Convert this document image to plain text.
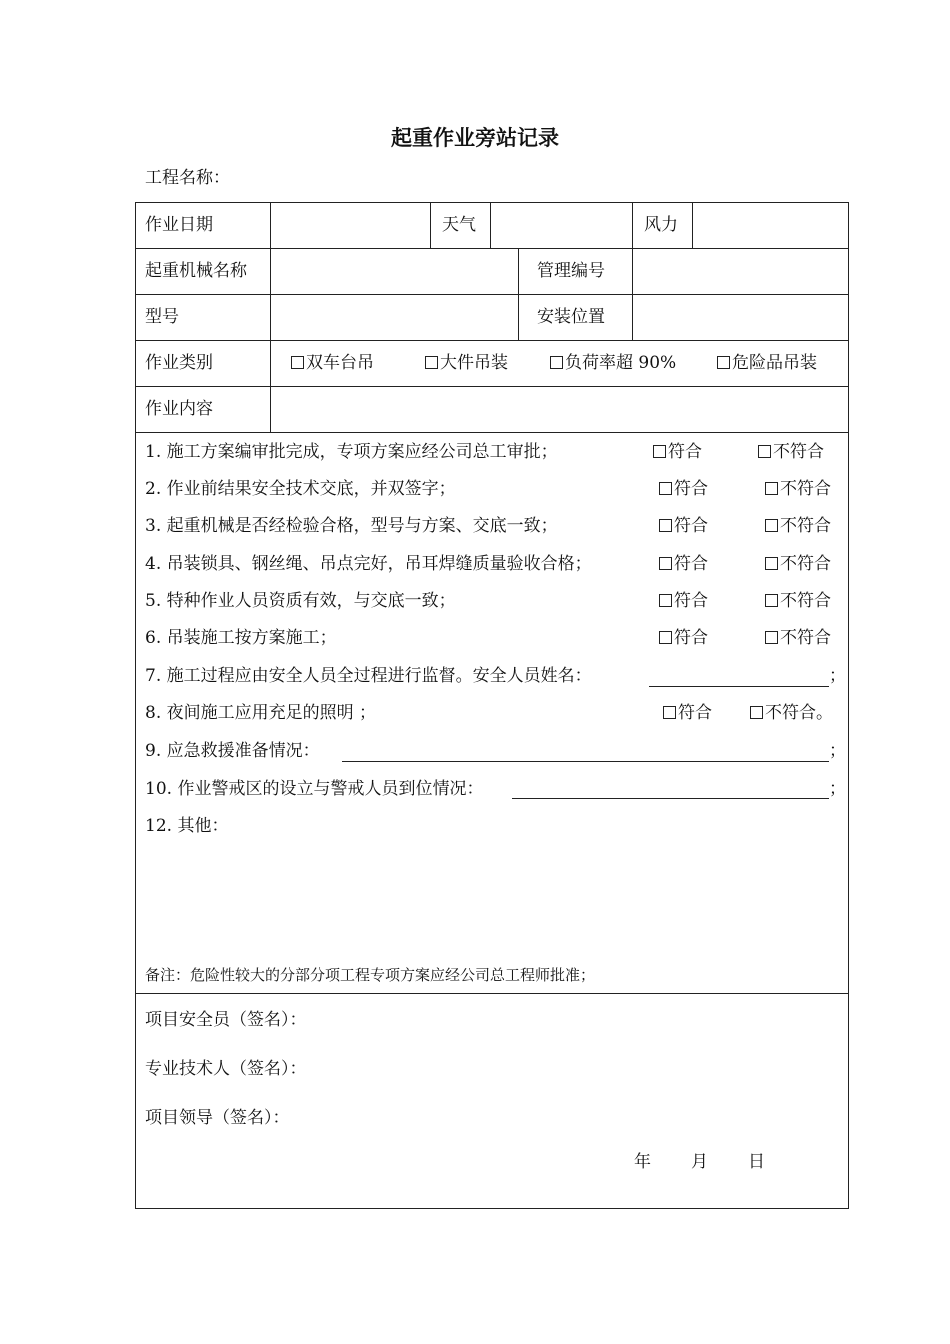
起重作业旁站记录
工程名称：
作业日期	天气	风力
起重机械名称	管理编号
型号	安装位置
作业类别	双车台吊	大件吊装	负荷率超 90%	危险品吊装
作业内容
1. 施工方案编审批完成，专项方案应经公司总工审批；	符合	不符合
2. 作业前结果安全技术交底，并双签字；	符合	不符合
3. 起重机械是否经检验合格，型号与方案、交底一致；	符合	不符合
4. 吊装锁具、钢丝绳、吊点完好，吊耳焊缝质量验收合格；	符合	不符合
5. 特种作业人员资质有效，与交底一致；	符合	不符合
6. 吊装施工按方案施工；	符合	不符合
7. 施工过程应由安全人员全过程进行监督。安全人员姓名：	；
8. 夜间施工应用充足的照明 ；	符合	不符合。
9. 应急救援准备情况：	；
10. 作业警戒区的设立与警戒人员到位情况：	；
12. 其他：
备注：危险性较大的分部分项工程专项方案应经公司总工程师批准；
项目安全员（签名）：
专业技术人（签名）：
项目领导（签名）：
年 月 日
